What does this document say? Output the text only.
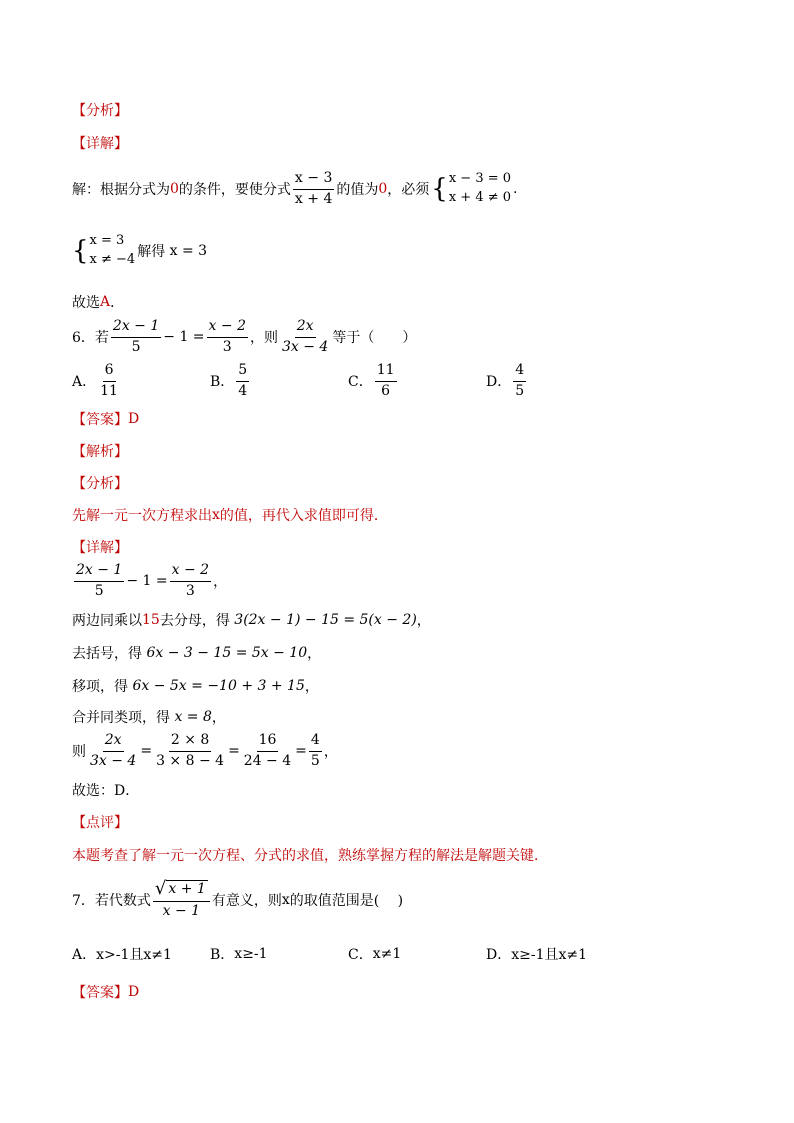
【分析】
【详解】
解：根据分式为 0 的条件，要使分式 $\frac{x - 3}{x + 4}$ 的值为 0 ，必须 { x − 3 = 0
x + 4 ≠ 0
.
{ x = 3
x ≠ −4 解得
x = 3
故选 A ．
6．若 $\frac{2x - 1}{5} - 1 = \frac{x - 2}{3}$ ，则 $\frac{2x}{3x - 4}$ 等于（　　）
A． $\frac{6}{11}$	B． $\frac{5}{4}$	C． $\frac{11}{6}$	D． $\frac{4}{5}$
【答案】 D
【解析】
【分析】
先解一元一次方程求出 x 的值，再代入求值即可得．
【详解】
$\frac{2x - 1}{5} - 1 = \frac{x - 2}{3}$ ，
两边同乘以 15 去分母，得
3(2x − 1) − 15 = 5(x − 2) ，
去括号，得
6x − 3 − 15 = 5x − 10 ，
移项，得
6x − 5x = −10 + 3 + 15 ，
合并同类项，得
x = 8 ，
则 $\frac{2x}{3x - 4} = \frac{2 \times 8}{3 \times 8 - 4} = \frac{16}{24 - 4} = \frac{4}{5}$ ，
故选：D．
【点评】
本题考查了解一元一次方程、分式的求值，熟练掌握方程的解法是解题关键．
7．若代数式 $\frac{√ x + 1}{x - 1}$ 有意义，则 x 的取值范围是(　 )
A． x>-1且x≠1	B． x≥-1	C． x≠1	D． x≥-1且x≠1
【答案】 D
